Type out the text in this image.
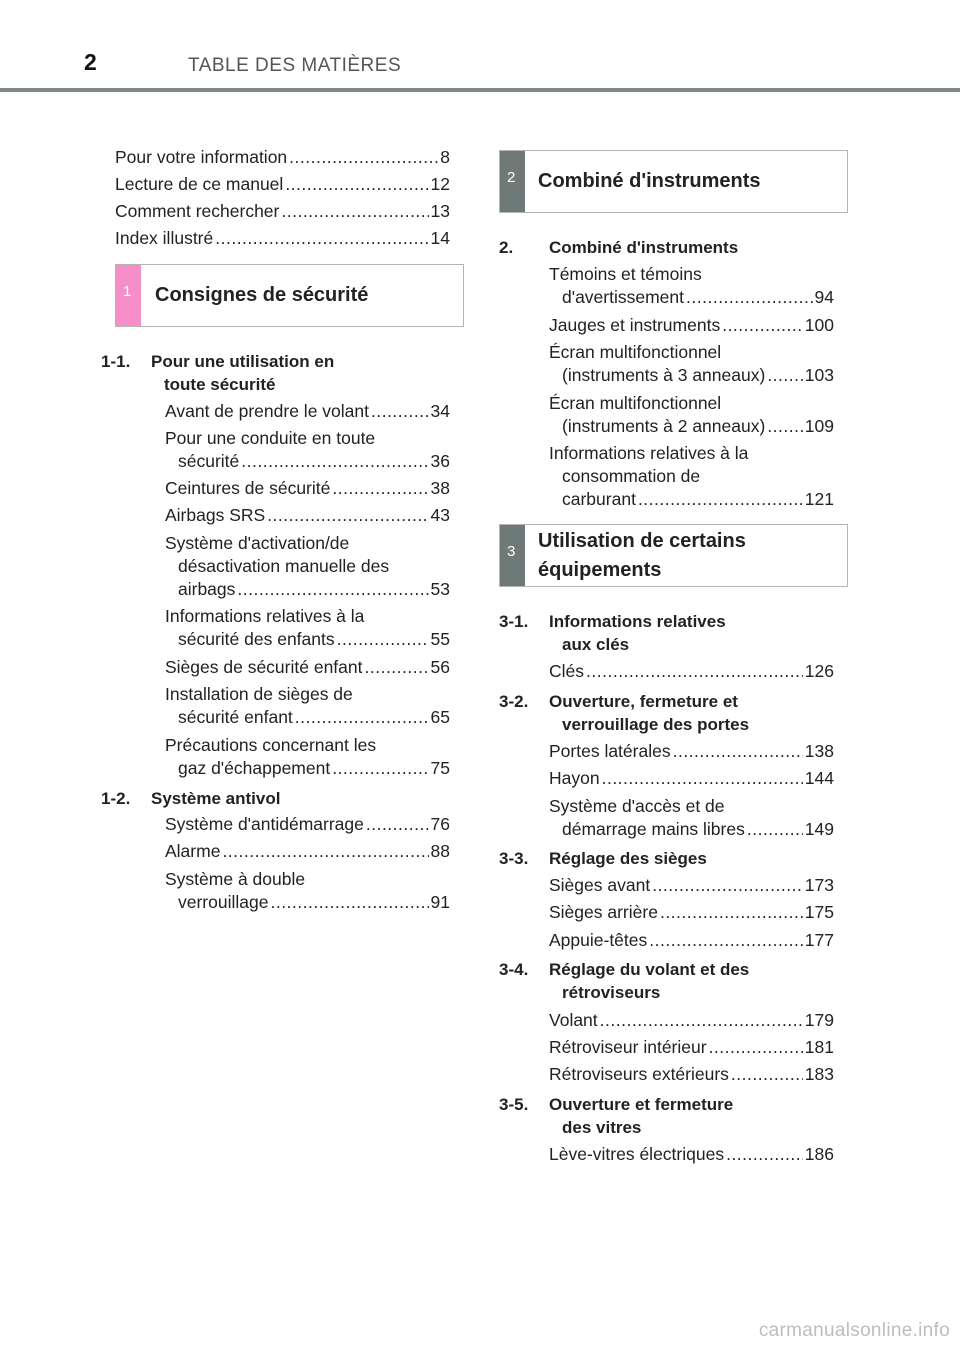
2	TABLE DES MATIÈRES
Pour votre information .....	8
Lecture de ce manuel .....	12
Comment rechercher .....	13
Index illustré .....	14
1 Consignes de sécurité
1-1. Pour une utilisation en
toute sécurité
Avant de prendre le volant .....	34
Pour une conduite en toute
sécurité .....	36
Ceintures de sécurité .....	38
Airbags SRS .....	43
Système d'activation/de
désactivation manuelle des
airbags .....	53
Informations relatives à la
sécurité des enfants .....	55
Sièges de sécurité enfant .....	56
Installation de sièges de
sécurité enfant .....	65
Précautions concernant les
gaz d'échappement .....	75
1-2. Système antivol
Système d'antidémarrage .....	76
Alarme .....	88
Système à double
verrouillage .....	91
2 Combiné d'instruments
2. Combiné d'instruments
Témoins et témoins
d'avertissement .....	94
Jauges et instruments .....	100
Écran multifonctionnel
(instruments à 3 anneaux) ..... 103
Écran multifonctionnel
(instruments à 2 anneaux) ..... 109
Informations relatives à la
consommation de
carburant .....	121
3 Utilisation de certains
équipements
3-1. Informations relatives
aux clés
Clés .....	126
3-2. Ouverture, fermeture et
verrouillage des portes
Portes latérales .....	138
Hayon .....	144
Système d'accès et de
démarrage mains libres .....	149
3-3. Réglage des sièges
Sièges avant .....	173
Sièges arrière .....	175
Appuie-têtes .....	177
3-4. Réglage du volant et des
rétroviseurs
Volant .....	179
Rétroviseur intérieur .....	181
Rétroviseurs extérieurs .....	183
3-5. Ouverture et fermeture
des vitres
Lève-vitres électriques .....	186
carmanualsonline.info
